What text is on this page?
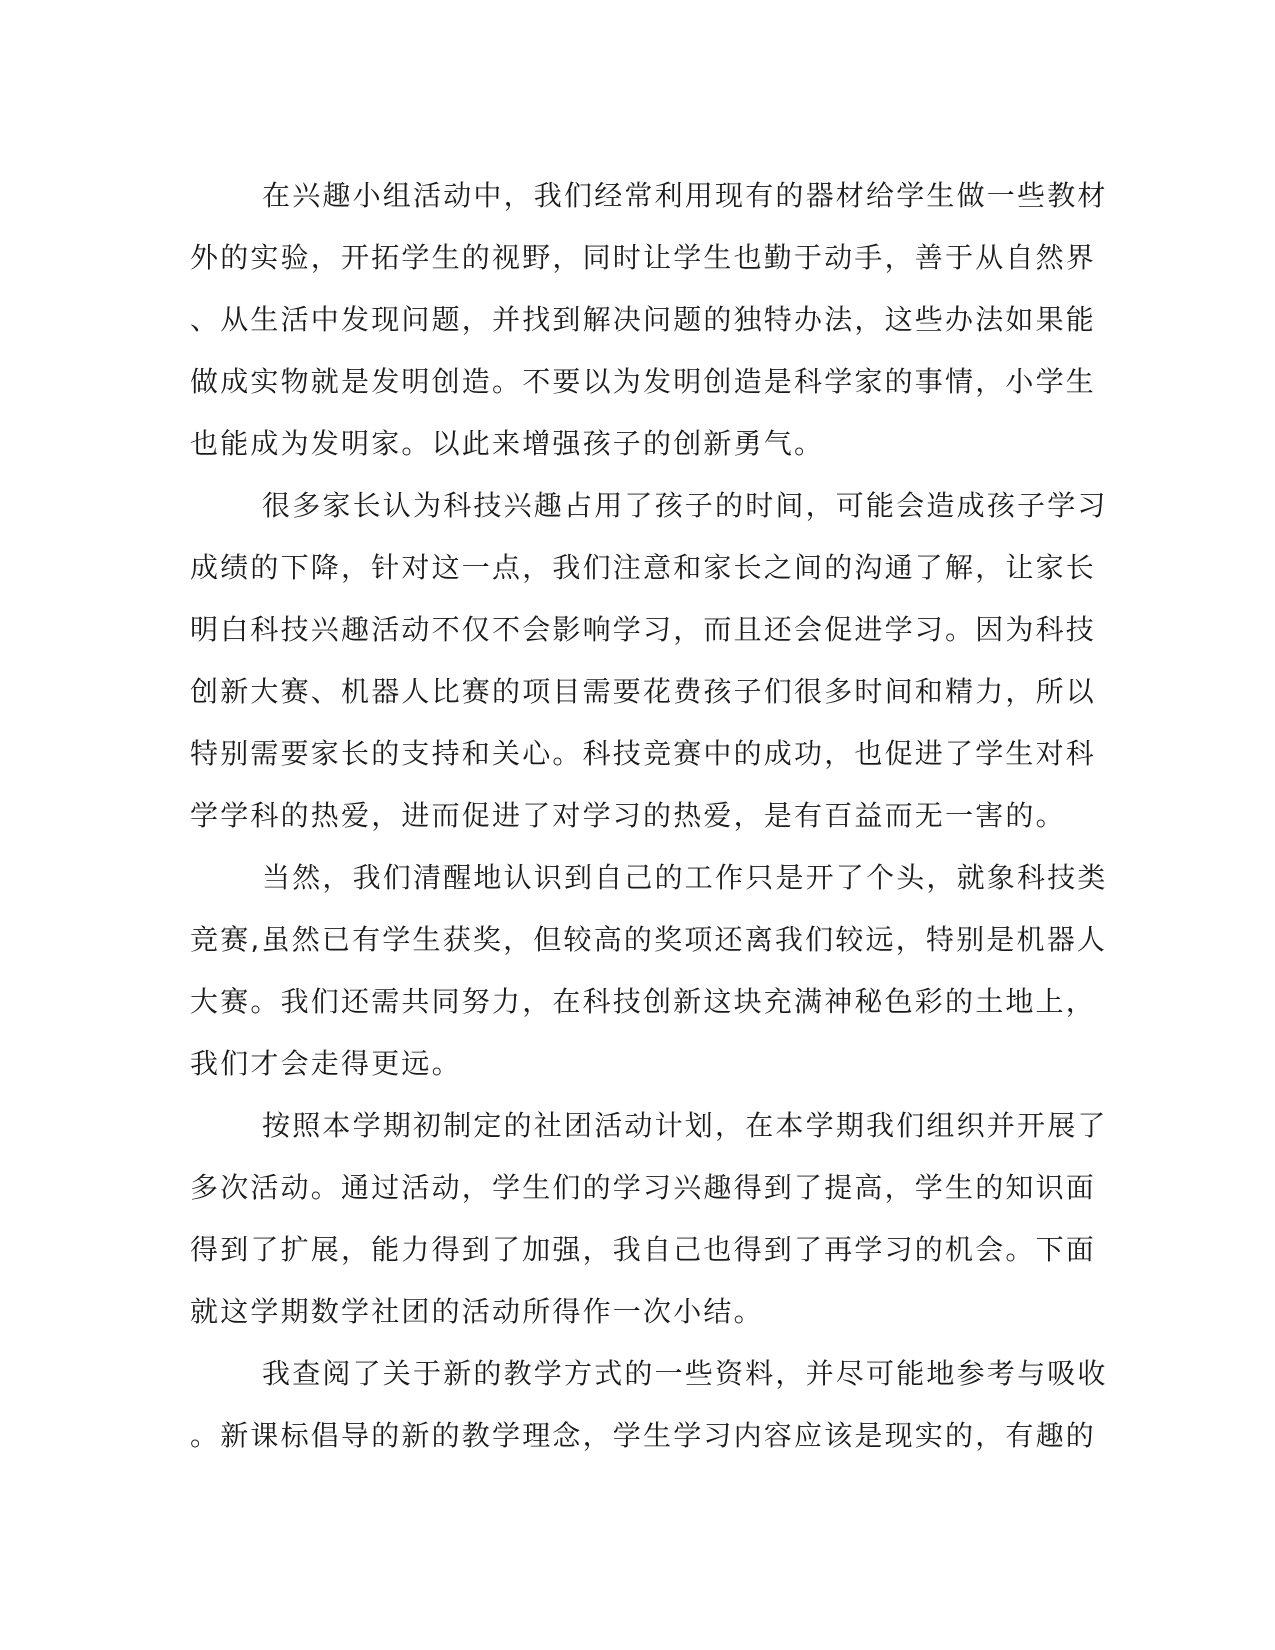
在兴趣小组活动中，我们经常利用现有的器材给学生做一些教材
外的实验，开拓学生的视野，同时让学生也勤于动手，善于从自然界
、从生活中发现问题，并找到解决问题的独特办法，这些办法如果能
做成实物就是发明创造。不要以为发明创造是科学家的事情，小学生
也能成为发明家。以此来增强孩子的创新勇气。
很多家长认为科技兴趣占用了孩子的时间，可能会造成孩子学习
成绩的下降，针对这一点，我们注意和家长之间的沟通了解，让家长
明白科技兴趣活动不仅不会影响学习，而且还会促进学习。因为科技
创新大赛、机器人比赛的项目需要花费孩子们很多时间和精力，所以
特别需要家长的支持和关心。科技竞赛中的成功，也促进了学生对科
学学科的热爱，进而促进了对学习的热爱，是有百益而无一害的。
当然，我们清醒地认识到自己的工作只是开了个头，就象科技类
竞赛,虽然已有学生获奖，但较高的奖项还离我们较远，特别是机器人
大赛。我们还需共同努力，在科技创新这块充满神秘色彩的土地上，
我们才会走得更远。
按照本学期初制定的社团活动计划，在本学期我们组织并开展了
多次活动。通过活动，学生们的学习兴趣得到了提高，学生的知识面
得到了扩展，能力得到了加强，我自己也得到了再学习的机会。下面
就这学期数学社团的活动所得作一次小结。
我查阅了关于新的教学方式的一些资料，并尽可能地参考与吸收
。新课标倡导的新的教学理念，学生学习内容应该是现实的，有趣的
